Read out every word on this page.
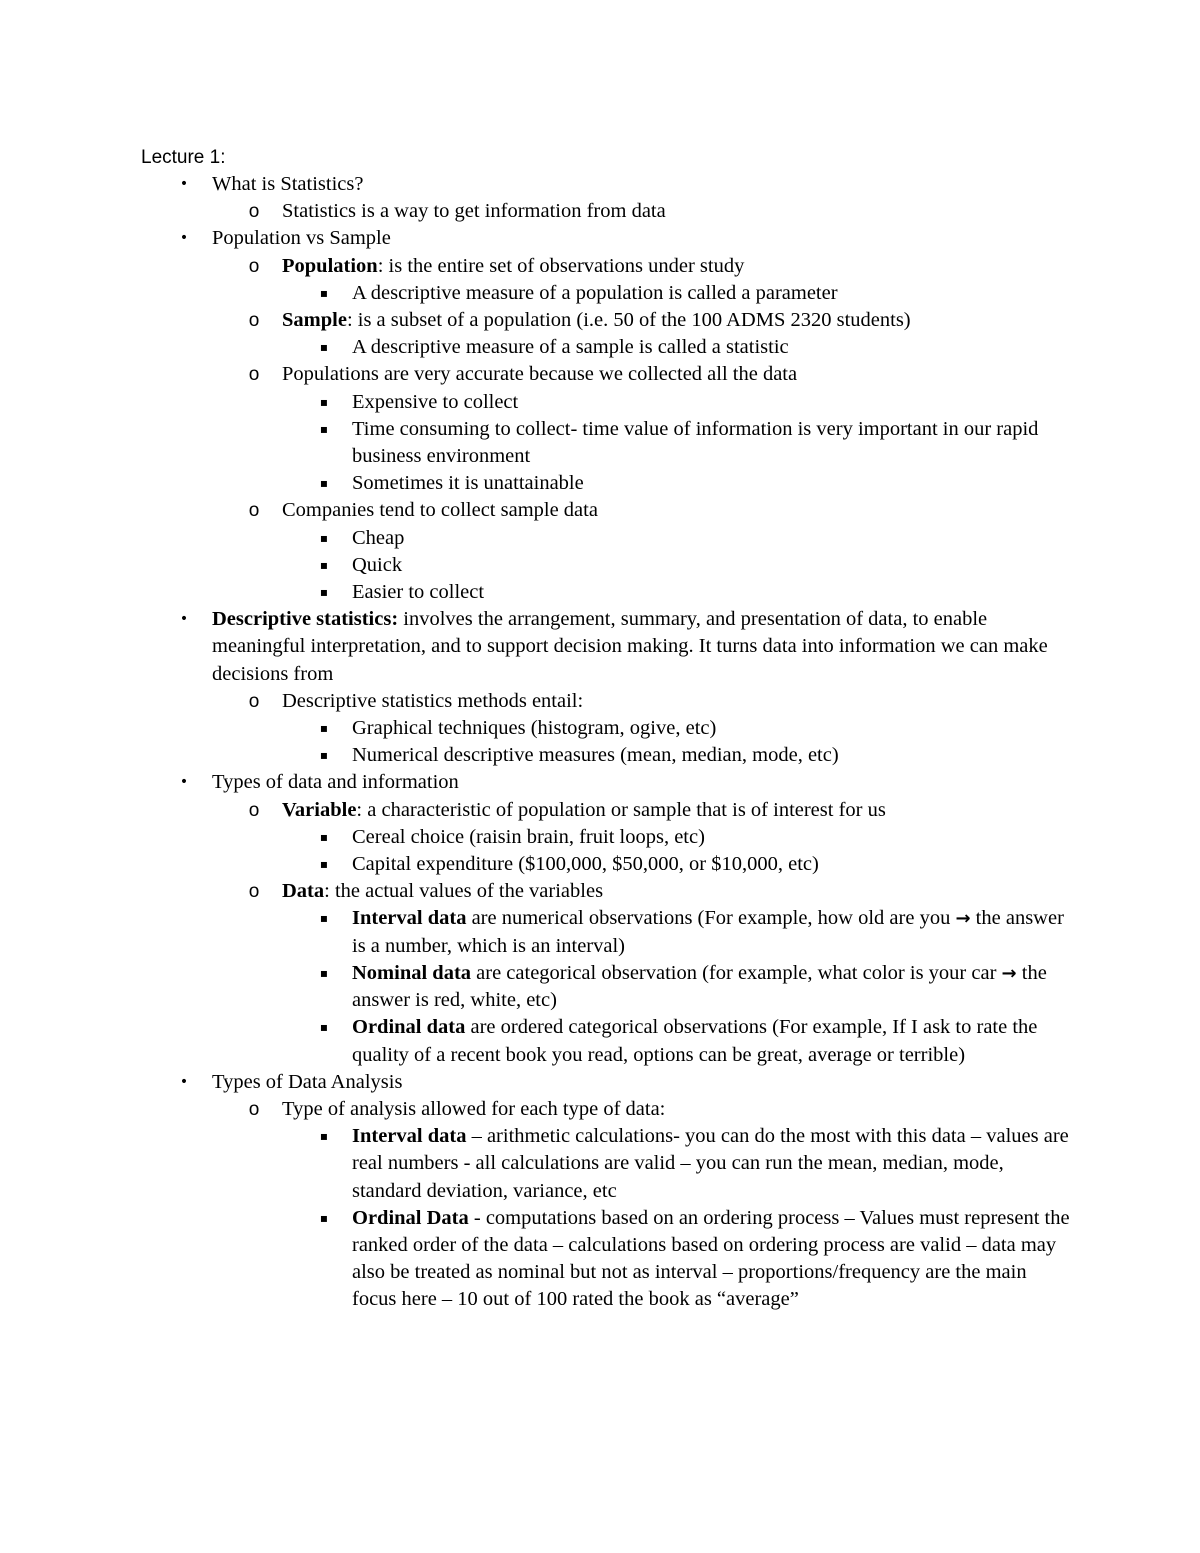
Lecture 1:
• What is Statistics?
o Statistics is a way to get information from data
• Population vs Sample
o Population: is the entire set of observations under study
▪ A descriptive measure of a population is called a parameter
o Sample: is a subset of a population (i.e. 50 of the 100 ADMS 2320 students)
▪ A descriptive measure of a sample is called a statistic
o Populations are very accurate because we collected all the data
▪ Expensive to collect
▪ Time consuming to collect- time value of information is very important in our rapid business environment
▪ Sometimes it is unattainable
o Companies tend to collect sample data
▪ Cheap
▪ Quick
▪ Easier to collect
• Descriptive statistics: involves the arrangement, summary, and presentation of data, to enable meaningful interpretation, and to support decision making. It turns data into information we can make decisions from
o Descriptive statistics methods entail:
▪ Graphical techniques (histogram, ogive, etc)
▪ Numerical descriptive measures (mean, median, mode, etc)
• Types of data and information
o Variable: a characteristic of population or sample that is of interest for us
▪ Cereal choice (raisin brain, fruit loops, etc)
▪ Capital expenditure ($100,000, $50,000, or $10,000, etc)
o Data: the actual values of the variables
▪ Interval data are numerical observations (For example, how old are you → the answer is a number, which is an interval)
▪ Nominal data are categorical observation (for example, what color is your car → the answer is red, white, etc)
▪ Ordinal data are ordered categorical observations (For example, If I ask to rate the quality of a recent book you read, options can be great, average or terrible)
• Types of Data Analysis
o Type of analysis allowed for each type of data:
▪ Interval data – arithmetic calculations- you can do the most with this data – values are real numbers - all calculations are valid – you can run the mean, median, mode, standard deviation, variance, etc
▪ Ordinal Data - computations based on an ordering process – Values must represent the ranked order of the data – calculations based on ordering process are valid – data may also be treated as nominal but not as interval – proportions/frequency are the main focus here – 10 out of 100 rated the book as “average”
